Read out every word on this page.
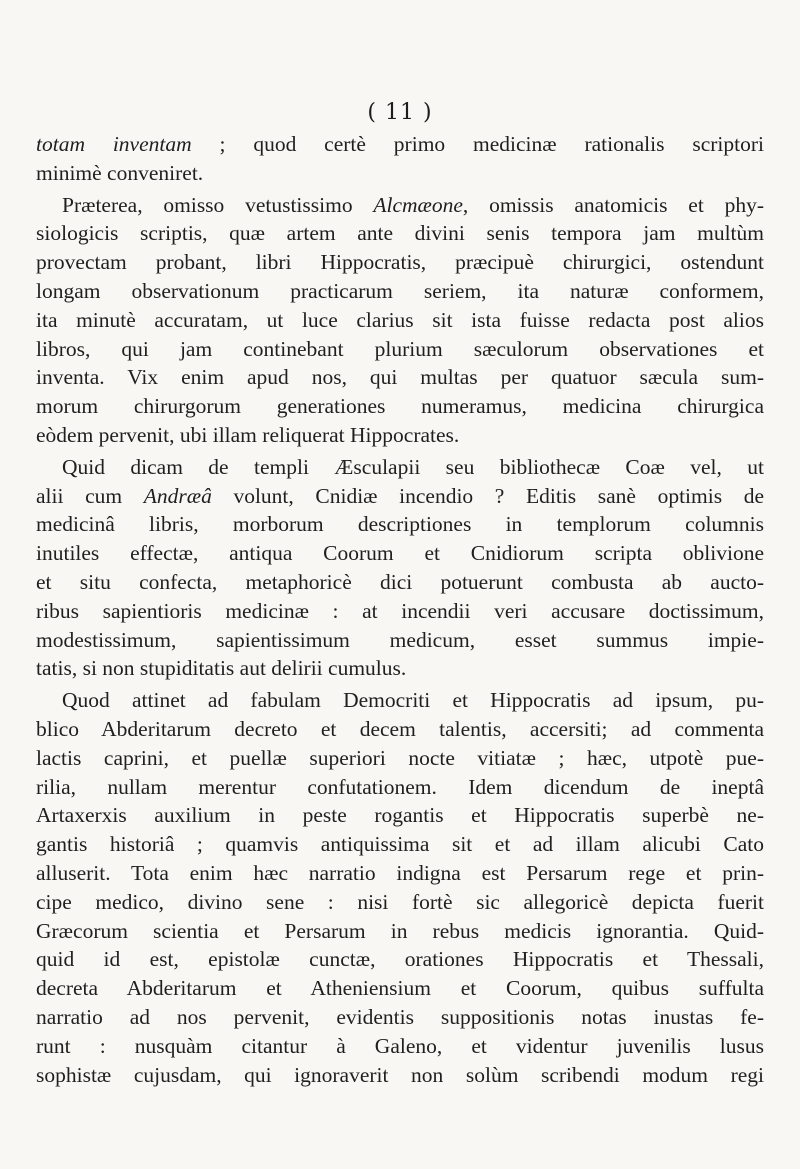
( 11 )
totam inventam ; quod certè primo medicinæ rationalis scriptori
minimè conveniret.
Præterea, omisso vetustissimo Alcmæone, omissis anatomicis et phy-
siologicis scriptis, quæ artem ante divini senis tempora jam multùm
provectam probant, libri Hippocratis, præcipuè chirurgici, ostendunt
longam observationum practicarum seriem, ita naturæ conformem,
ita minutè accuratam, ut luce clarius sit ista fuisse redacta post alios
libros, qui jam continebant plurium sæculorum observationes et
inventa. Vix enim apud nos, qui multas per quatuor sæcula sum-
morum chirurgorum generationes numeramus, medicina chirurgica
eòdem pervenit, ubi illam reliquerat Hippocrates.
Quid dicam de templi Æsculapii seu bibliothecæ Coæ vel, ut
alii cum Andræâ volunt, Cnidiæ incendio ? Editis sanè optimis de
medicinâ libris, morborum descriptiones in templorum columnis
inutiles effectæ, antiqua Coorum et Cnidiorum scripta oblivione
et situ confecta, metaphoricè dici potuerunt combusta ab aucto-
ribus sapientioris medicinæ : at incendii veri accusare doctissimum,
modestissimum, sapientissimum medicum, esset summus impie-
tatis, si non stupiditatis aut delirii cumulus.
Quod attinet ad fabulam Democriti et Hippocratis ad ipsum, pu-
blico Abderitarum decreto et decem talentis, accersiti; ad commenta
lactis caprini, et puellæ superiori nocte vitiatæ ; hæc, utpotè pue-
rilia, nullam merentur confutationem. Idem dicendum de ineptâ
Artaxerxis auxilium in peste rogantis et Hippocratis superbè ne-
gantis historiâ ; quamvis antiquissima sit et ad illam alicubi Cato
alluserit. Tota enim hæc narratio indigna est Persarum rege et prin-
cipe medico, divino sene : nisi fortè sic allegoricè depicta fuerit
Græcorum scientia et Persarum in rebus medicis ignorantia. Quid-
quid id est, epistolæ cunctæ, orationes Hippocratis et Thessali,
decreta Abderitarum et Atheniensium et Coorum, quibus suffulta
narratio ad nos pervenit, evidentis suppositionis notas inustas fe-
runt : nusquàm citantur à Galeno, et videntur juvenilis lusus
sophistæ cujusdam, qui ignoraverit non solùm scribendi modum regi
